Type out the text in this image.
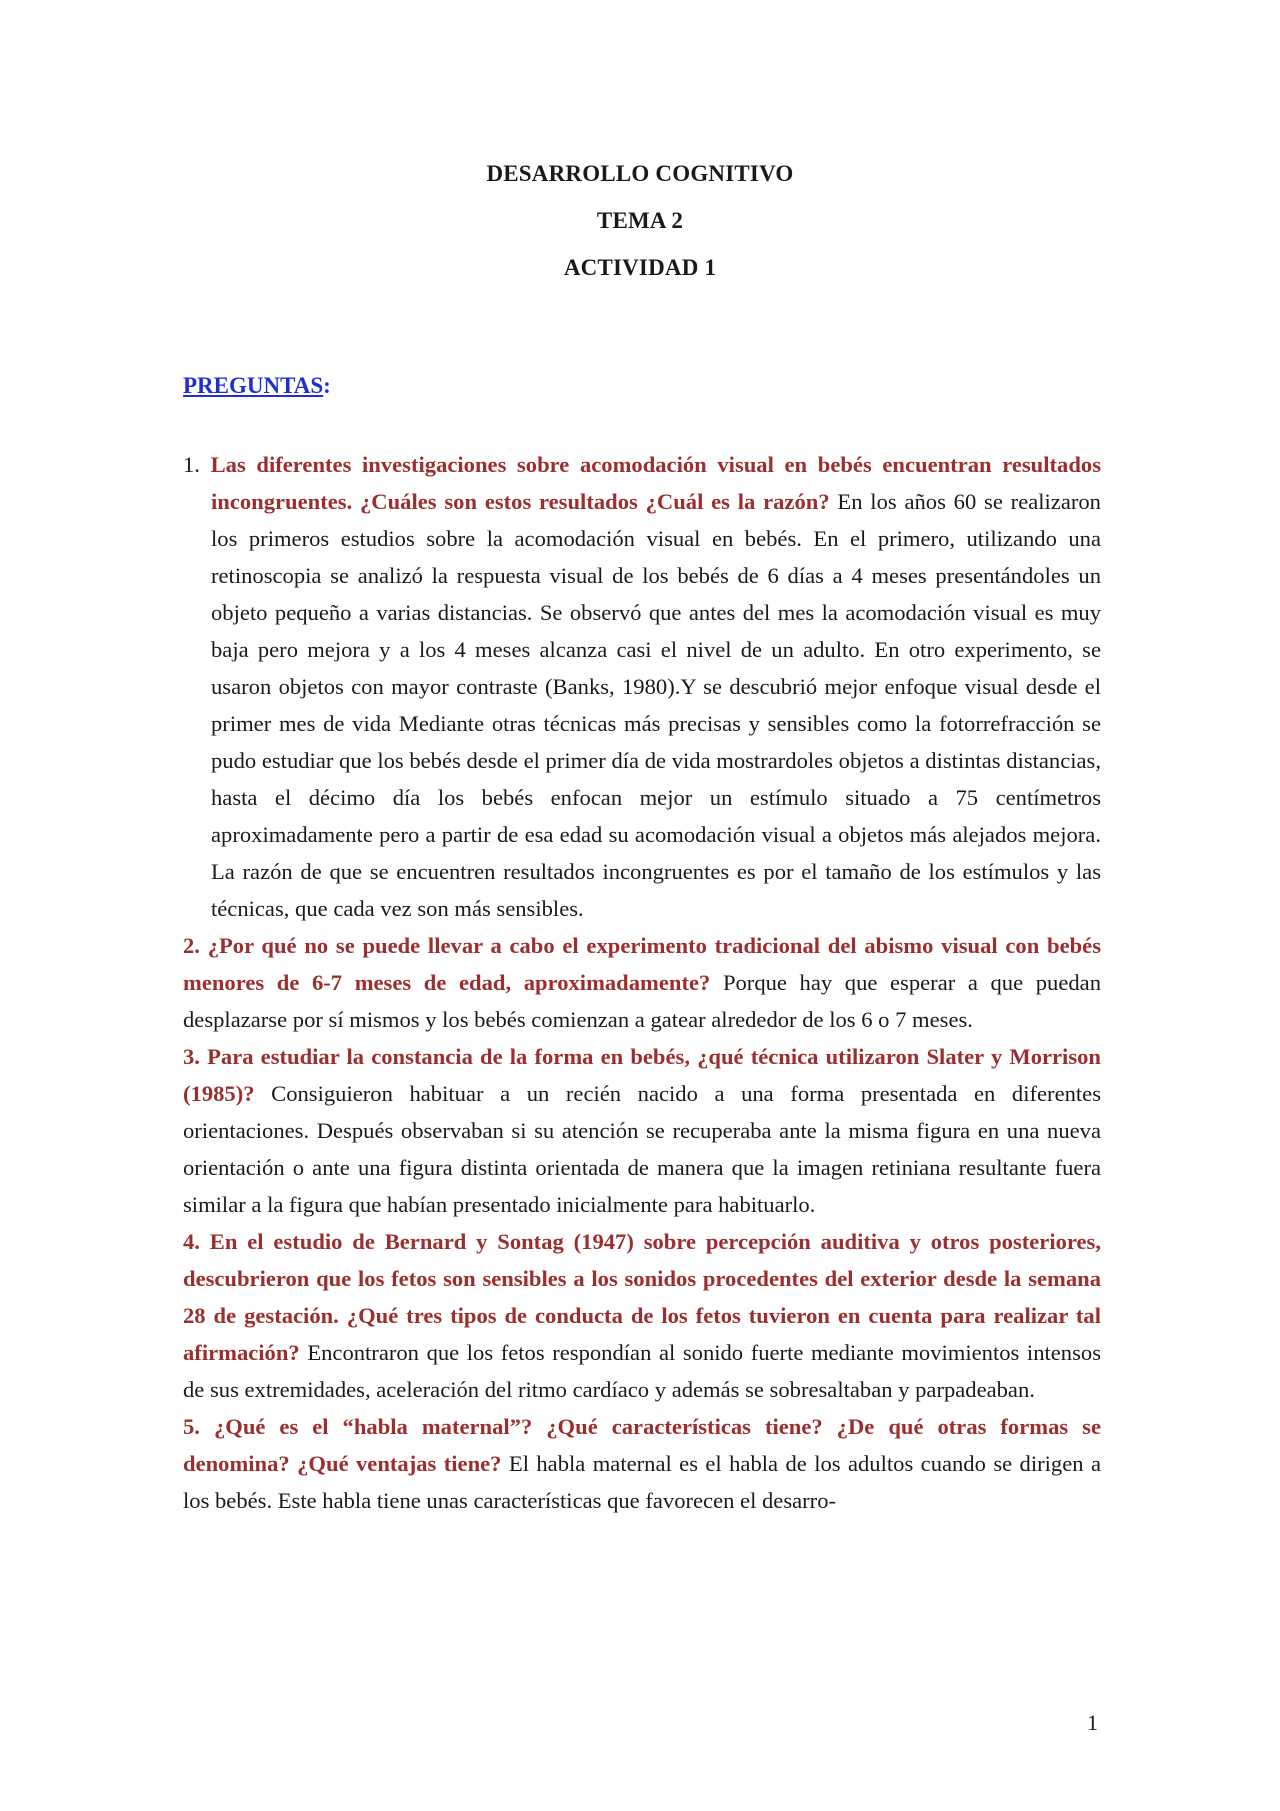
DESARROLLO COGNITIVO
TEMA 2
ACTIVIDAD 1
PREGUNTAS:

1. Las diferentes investigaciones sobre acomodación visual en bebés encuentran resultados incongruentes. ¿Cuáles son estos resultados ¿Cuál es la razón? En los años 60 se realizaron los primeros estudios sobre la acomodación visual en bebés. En el primero, utilizando una retinoscopia se analizó la respuesta visual de los bebés de 6 días a 4 meses presentándoles un objeto pequeño a varias distancias. Se observó que antes del mes la acomodación visual es muy baja pero mejora y a los 4 meses alcanza casi el nivel de un adulto. En otro experimento, se usaron objetos con mayor contraste (Banks, 1980).Y se descubrió mejor enfoque visual desde el primer mes de vida Mediante otras técnicas más precisas y sensibles como la fotorrefracción se pudo estudiar que los bebés desde el primer día de vida mostrardoles objetos a distintas distancias, hasta el décimo día los bebés enfocan mejor un estímulo situado a 75 centímetros aproximadamente pero a partir de esa edad su acomodación visual a objetos más alejados mejora. La razón de que se encuentren resultados incongruentes es por el tamaño de los estímulos y las técnicas, que cada vez son más sensibles.

2. ¿Por qué no se puede llevar a cabo el experimento tradicional del abismo visual con bebés menores de 6-7 meses de edad, aproximadamente? Porque hay que esperar a que puedan desplazarse por sí mismos y los bebés comienzan a gatear alrededor de los 6 o 7 meses.

3. Para estudiar la constancia de la forma en bebés, ¿qué técnica utilizaron Slater y Morrison (1985)? Consiguieron habituar a un recién nacido a una forma presentada en diferentes orientaciones. Después observaban si su atención se recuperaba ante la misma figura en una nueva orientación o ante una figura distinta orientada de manera que la imagen retiniana resultante fuera similar a la figura que habían presentado inicialmente para habituarlo.

4. En el estudio de Bernard y Sontag (1947) sobre percepción auditiva y otros posteriores, descubrieron que los fetos son sensibles a los sonidos procedentes del exterior desde la semana 28 de gestación. ¿Qué tres tipos de conducta de los fetos tuvieron en cuenta para realizar tal afirmación? Encontraron que los fetos respondían al sonido fuerte mediante movimientos intensos de sus extremidades, aceleración del ritmo cardíaco y además se sobresaltaban y parpadeaban.

5. ¿Qué es el “habla maternal”? ¿Qué características tiene? ¿De qué otras formas se denomina? ¿Qué ventajas tiene? El habla maternal es el habla de los adultos cuando se dirigen a los bebés. Este habla tiene unas características que favorecen el desarro-

1
